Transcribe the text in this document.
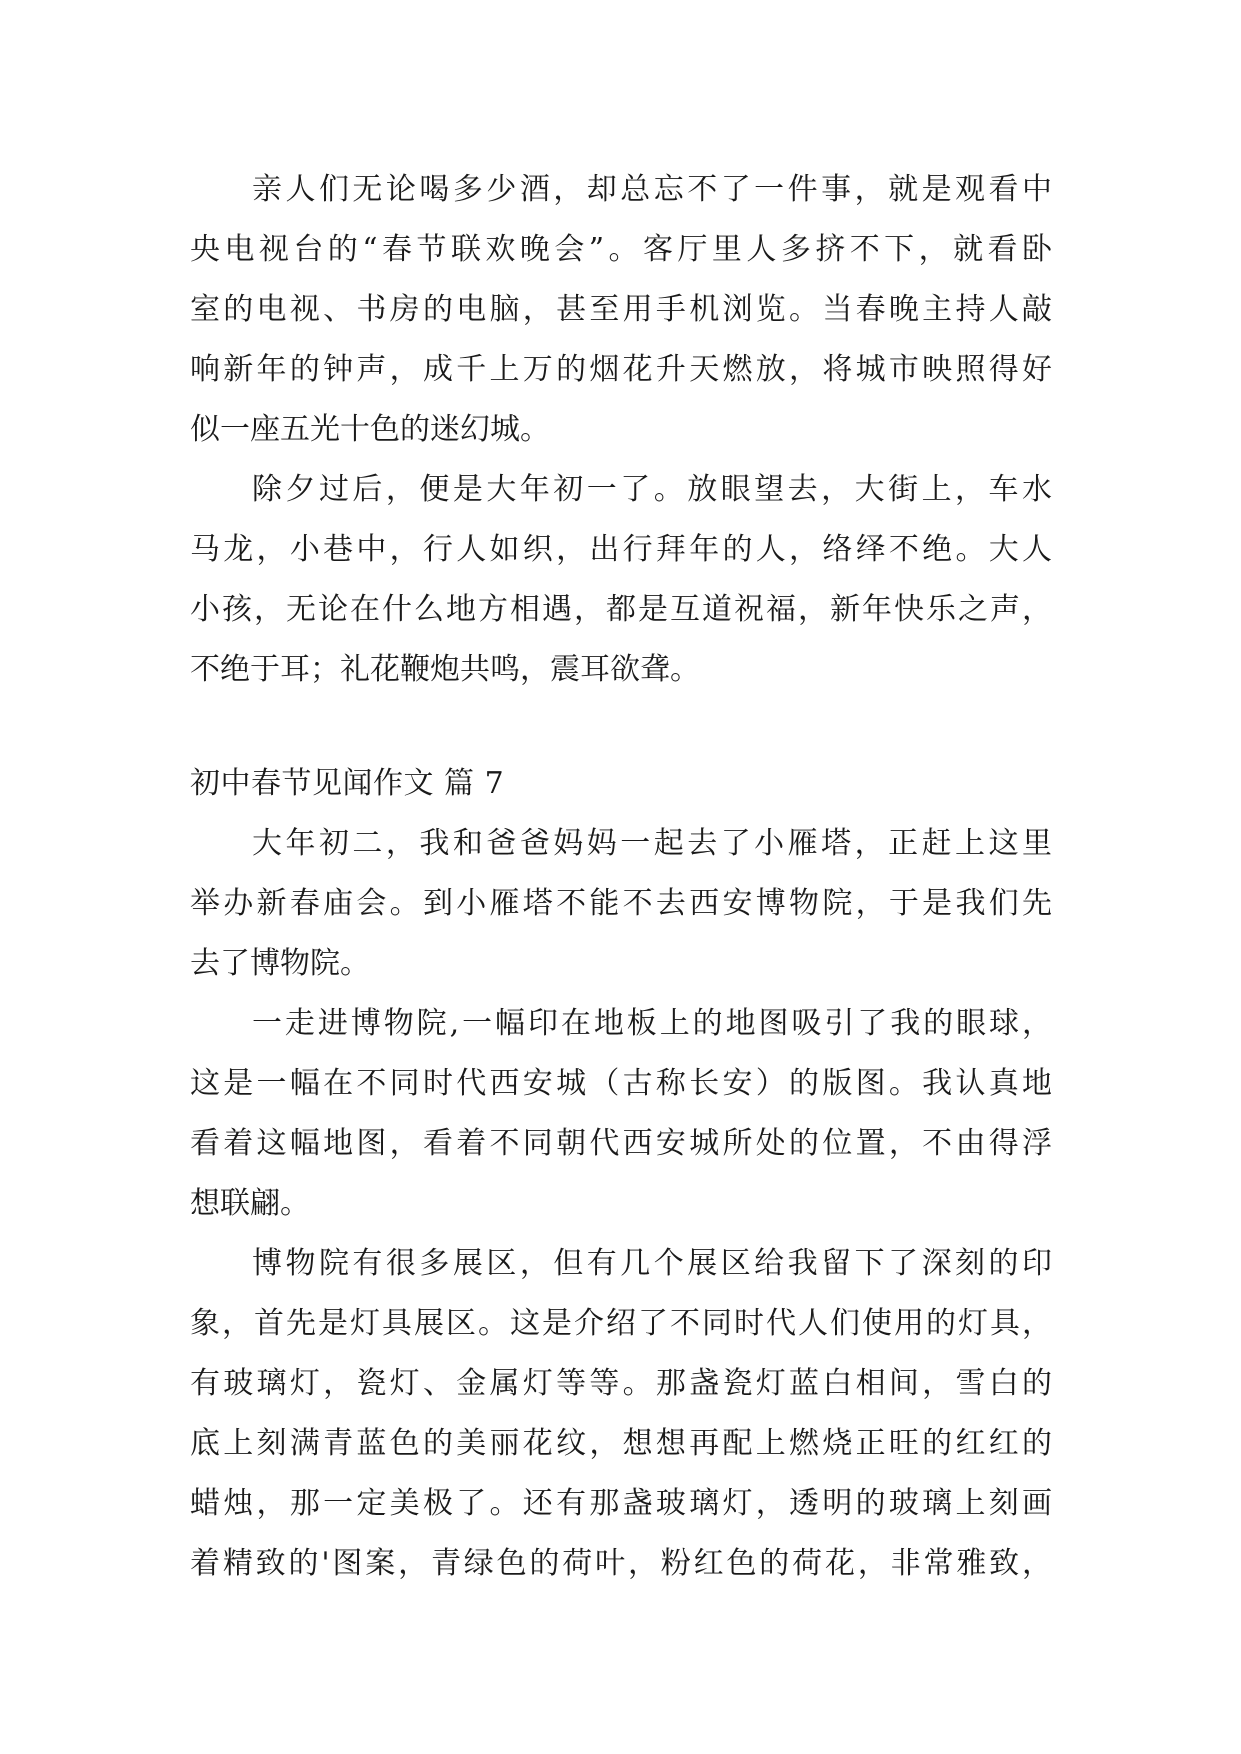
亲人们无论喝多少酒，却总忘不了一件事，就是观看中
央电视台的“春节联欢晚会”。客厅里人多挤不下，就看卧
室的电视、书房的电脑，甚至用手机浏览。当春晚主持人敲
响新年的钟声，成千上万的烟花升天燃放，将城市映照得好
似一座五光十色的迷幻城。
除夕过后，便是大年初一了。放眼望去，大街上，车水
马龙，小巷中，行人如织，出行拜年的人，络绎不绝。大人
小孩，无论在什么地方相遇，都是互道祝福，新年快乐之声，
不绝于耳；礼花鞭炮共鸣，震耳欲聋。
初中春节见闻作文 篇 7
大年初二，我和爸爸妈妈一起去了小雁塔，正赶上这里
举办新春庙会。到小雁塔不能不去西安博物院，于是我们先
去了博物院。
一走进博物院,一幅印在地板上的地图吸引了我的眼球，
这是一幅在不同时代西安城（古称长安）的版图。我认真地
看着这幅地图，看着不同朝代西安城所处的位置，不由得浮
想联翩。
博物院有很多展区，但有几个展区给我留下了深刻的印
象，首先是灯具展区。这是介绍了不同时代人们使用的灯具，
有玻璃灯，瓷灯、金属灯等等。那盏瓷灯蓝白相间，雪白的
底上刻满青蓝色的美丽花纹，想想再配上燃烧正旺的红红的
蜡烛，那一定美极了。还有那盏玻璃灯，透明的玻璃上刻画
着精致的'图案，青绿色的荷叶，粉红色的荷花，非常雅致，
